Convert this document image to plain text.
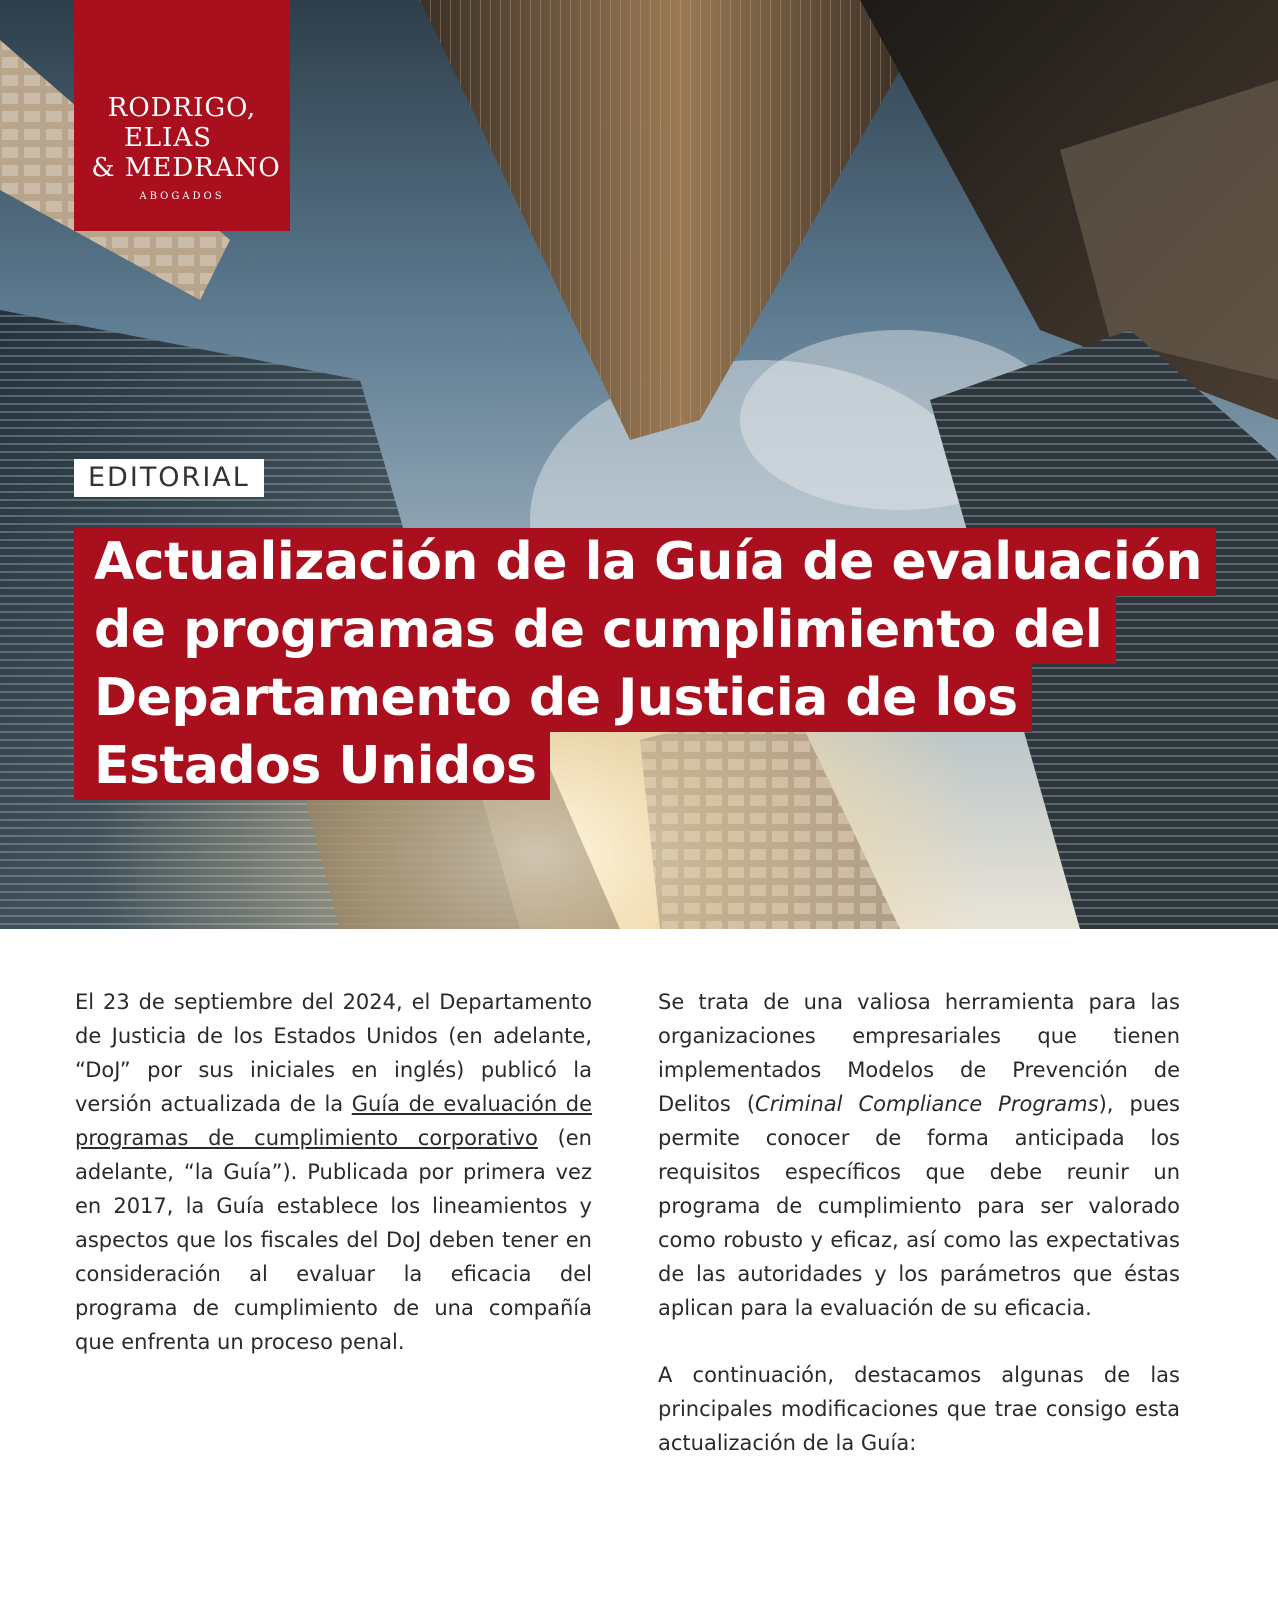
RODRIGO,
ELIAS
& MEDRANO
ABOGADOS
EDITORIAL
Actualización de la Guía de evaluación
de programas de cumplimiento del
Departamento de Justicia de los
Estados Unidos

El 23 de septiembre del 2024, el Departamento de Justicia de los Estados Unidos (en adelante, “DoJ” por sus iniciales en inglés) publicó la versión actualizada de la Guía de evaluación de programas de cumplimiento corporativo (en adelante, “la Guía”). Publicada por primera vez en 2017, la Guía establece los lineamientos y aspectos que los fiscales del DoJ deben tener en consideración al evaluar la eficacia del programa de cumplimiento de una compañía que enfrenta un proceso penal.

Se trata de una valiosa herramienta para las organizaciones empresariales que tienen implementados Modelos de Prevención de Delitos (Criminal Compliance Programs), pues permite conocer de forma anticipada los requisitos específicos que debe reunir un programa de cumplimiento para ser valorado como robusto y eficaz, así como las expectativas de las autoridades y los parámetros que éstas aplican para la evaluación de su eficacia.

A continuación, destacamos algunas de las principales modificaciones que trae consigo esta actualización de la Guía:
